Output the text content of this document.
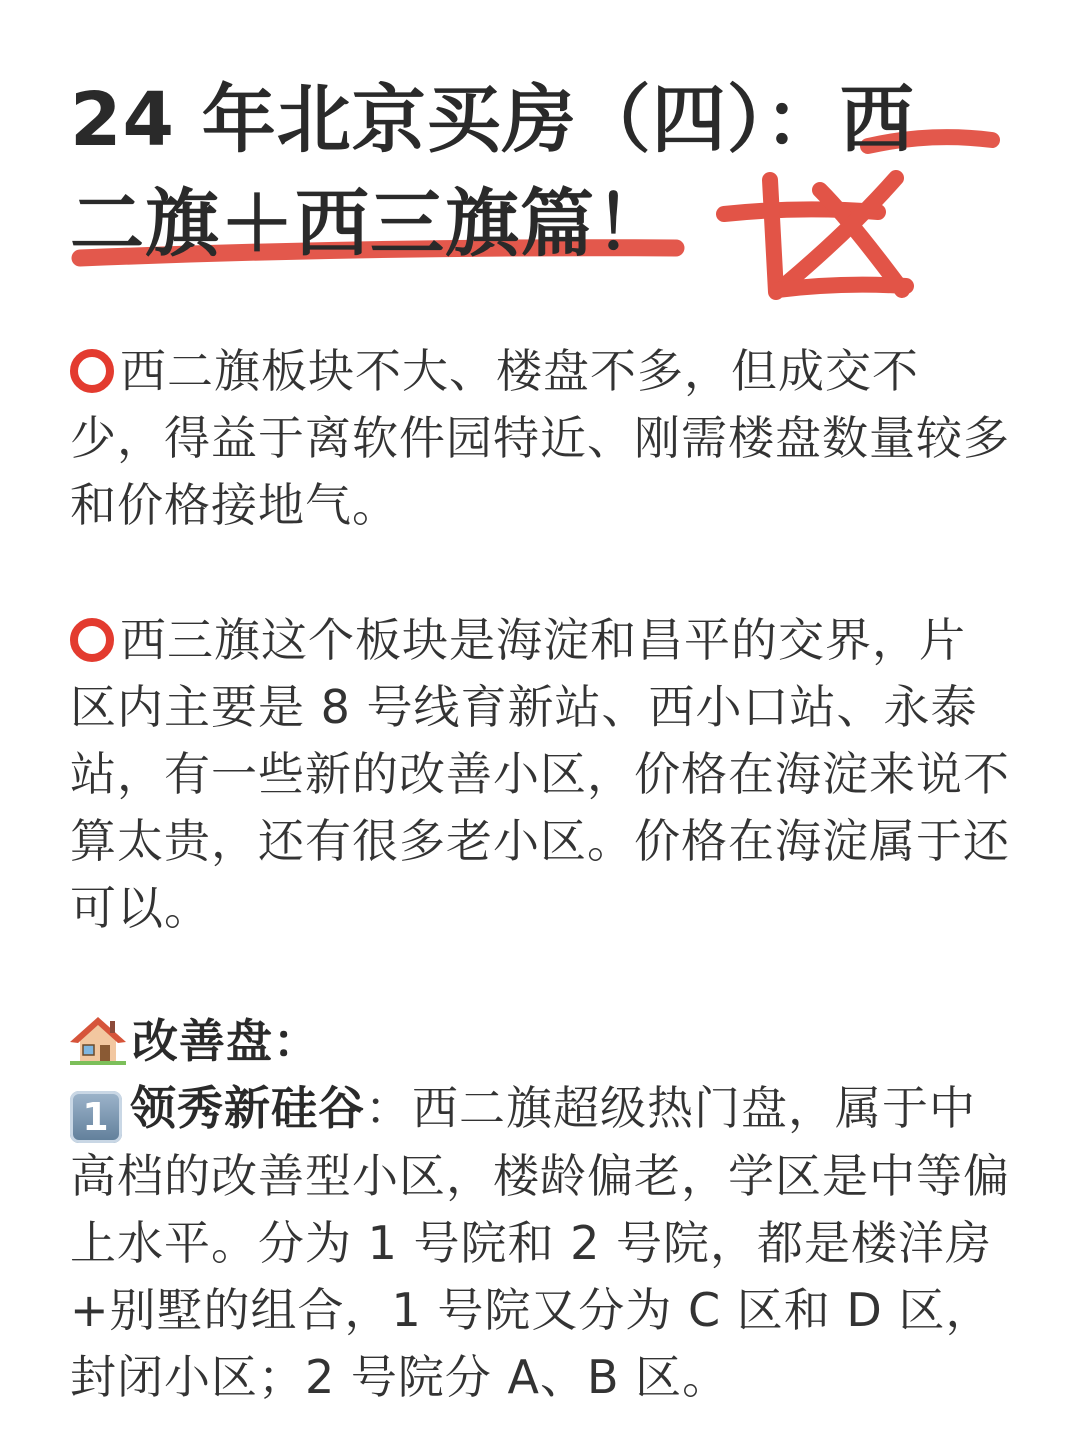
24 年北京买房（四）：西
二旗＋西三旗篇！
西二旗板块不大、楼盘不多，但成交不少，得益于离软件园特近、刚需楼盘数量较多和价格接地气。
西三旗这个板块是海淀和昌平的交界，片区内主要是 8 号线育新站、西小口站、永泰站，有一些新的改善小区，价格在海淀来说不算太贵，还有很多老小区。价格在海淀属于还可以。
改善盘：
1 领秀新硅谷：西二旗超级热门盘，属于中高档的改善型小区，楼龄偏老，学区是中等偏上水平。分为 1 号院和 2 号院，都是楼洋房+别墅的组合，1 号院又分为 C 区和 D 区，封闭小区；2 号院分 A、B 区。
